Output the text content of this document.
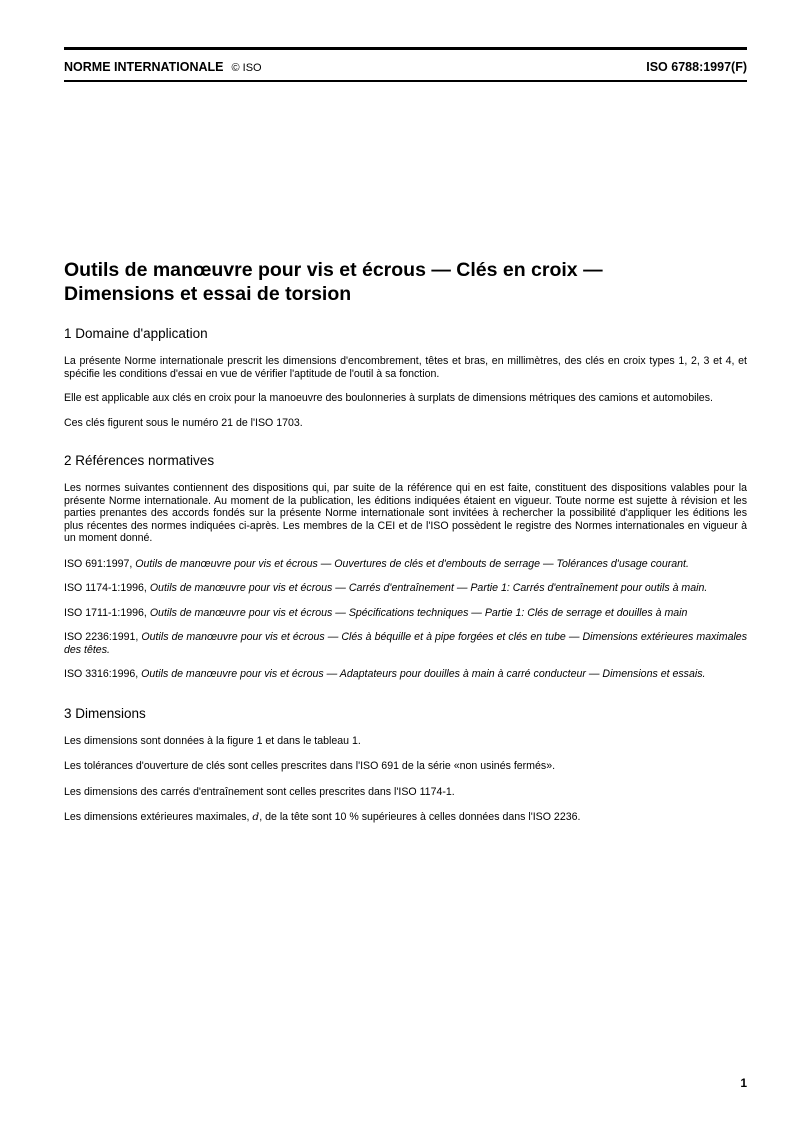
NORME INTERNATIONALE © ISO	ISO 6788:1997(F)
Outils de manœuvre pour vis et écrous — Clés en croix —
Dimensions et essai de torsion
1 Domaine d'application

La présente Norme internationale prescrit les dimensions d'encombrement, têtes et bras, en millimètres, des clés en croix types 1, 2, 3 et 4, et spécifie les conditions d'essai en vue de vérifier l'aptitude de l'outil à sa fonction.

Elle est applicable aux clés en croix pour la manoeuvre des boulonneries à surplats de dimensions métriques des camions et automobiles.

Ces clés figurent sous le numéro 21 de l'ISO 1703.

2 Références normatives

Les normes suivantes contiennent des dispositions qui, par suite de la référence qui en est faite, constituent des dispositions valables pour la présente Norme internationale. Au moment de la publication, les éditions indiquées étaient en vigueur. Toute norme est sujette à révision et les parties prenantes des accords fondés sur la présente Norme internationale sont invitées à rechercher la possibilité d'appliquer les éditions les plus récentes des normes indiquées ci-après. Les membres de la CEI et de l'ISO possèdent le registre des Normes internationales en vigueur à un moment donné.

ISO 691:1997, Outils de manœuvre pour vis et écrous — Ouvertures de clés et d'embouts de serrage — Tolérances d'usage courant.

ISO 1174-1:1996, Outils de manœuvre pour vis et écrous — Carrés d'entraînement — Partie 1: Carrés d'entraînement pour outils à main.

ISO 1711-1:1996, Outils de manœuvre pour vis et écrous — Spécifications techniques — Partie 1: Clés de serrage et douilles à main

ISO 2236:1991, Outils de manœuvre pour vis et écrous — Clés à béquille et à pipe forgées et clés en tube — Dimensions extérieures maximales des têtes.

ISO 3316:1996, Outils de manœuvre pour vis et écrous — Adaptateurs pour douilles à main à carré conducteur — Dimensions et essais.

3 Dimensions

Les dimensions sont données à la figure 1 et dans le tableau 1.

Les tolérances d'ouverture de clés sont celles prescrites dans l'ISO 691 de la série «non usinés fermés».

Les dimensions des carrés d'entraînement sont celles prescrites dans l'ISO 1174-1.

Les dimensions extérieures maximales, d, de la tête sont 10 % supérieures à celles données dans l'ISO 2236.

1
